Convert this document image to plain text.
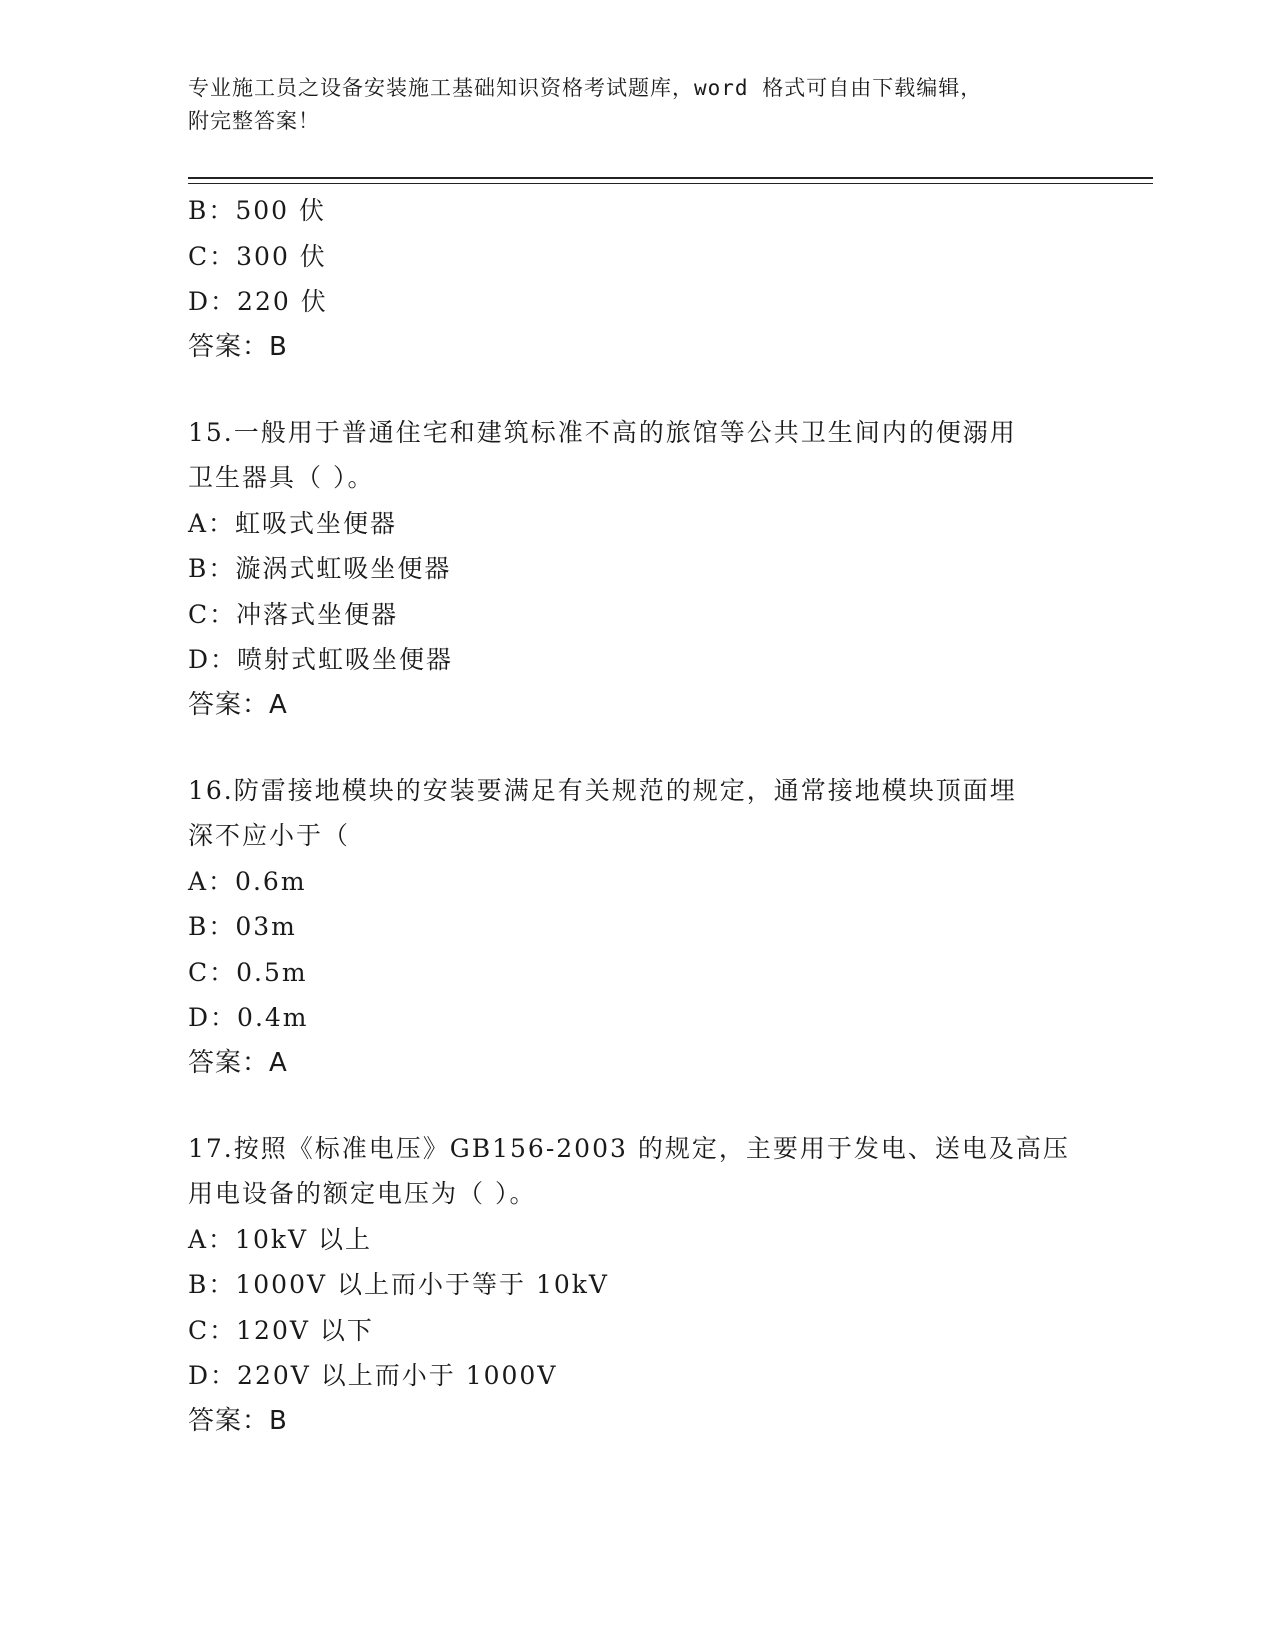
专业施工员之设备安装施工基础知识资格考试题库，word 格式可自由下载编辑，
附完整答案！
B：500 伏
C：300 伏
D：220 伏
答案：B
15.一般用于普通住宅和建筑标准不高的旅馆等公共卫生间内的便溺用
卫生器具（ ）。
A：虹吸式坐便器
B：漩涡式虹吸坐便器
C：冲落式坐便器
D：喷射式虹吸坐便器
答案：A
16.防雷接地模块的安装要满足有关规范的规定，通常接地模块顶面埋
深不应小于（
A：0.6m
B：03m
C：0.5m
D：0.4m
答案：A
17.按照《标准电压》GB156-2003 的规定，主要用于发电、送电及高压
用电设备的额定电压为（ ）。
A：10kV 以上
B：1000V 以上而小于等于 10kV
C：120V 以下
D：220V 以上而小于 1000V
答案：B
